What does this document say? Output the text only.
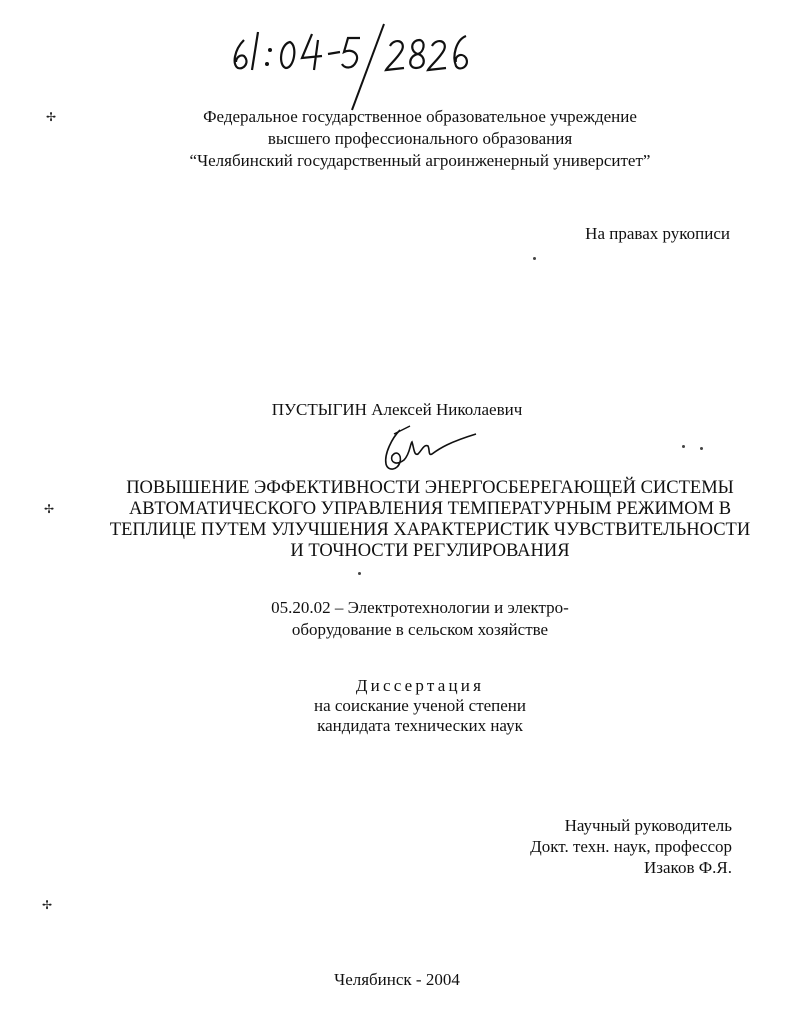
✢
✢
✢
Федеральное государственное образовательное учреждение
высшего профессионального образования
“Челябинский государственный агроинженерный университет”
На правах рукописи
ПУСТЫГИН Алексей Николаевич
ПОВЫШЕНИЕ ЭФФЕКТИВНОСТИ ЭНЕРГОСБЕРЕГАЮЩЕЙ СИСТЕМЫ
АВТОМАТИЧЕСКОГО УПРАВЛЕНИЯ ТЕМПЕРАТУРНЫМ РЕЖИМОМ В
ТЕПЛИЦЕ ПУТЕМ УЛУЧШЕНИЯ ХАРАКТЕРИСТИК ЧУВСТВИТЕЛЬНОСТИ
И ТОЧНОСТИ РЕГУЛИРОВАНИЯ
05.20.02 – Электротехнологии и электро-
оборудование в сельском хозяйстве
Диссертация
на соискание ученой степени
кандидата технических наук
Научный руководитель
Докт. техн. наук, профессор
Изаков Ф.Я.
Челябинск - 2004
